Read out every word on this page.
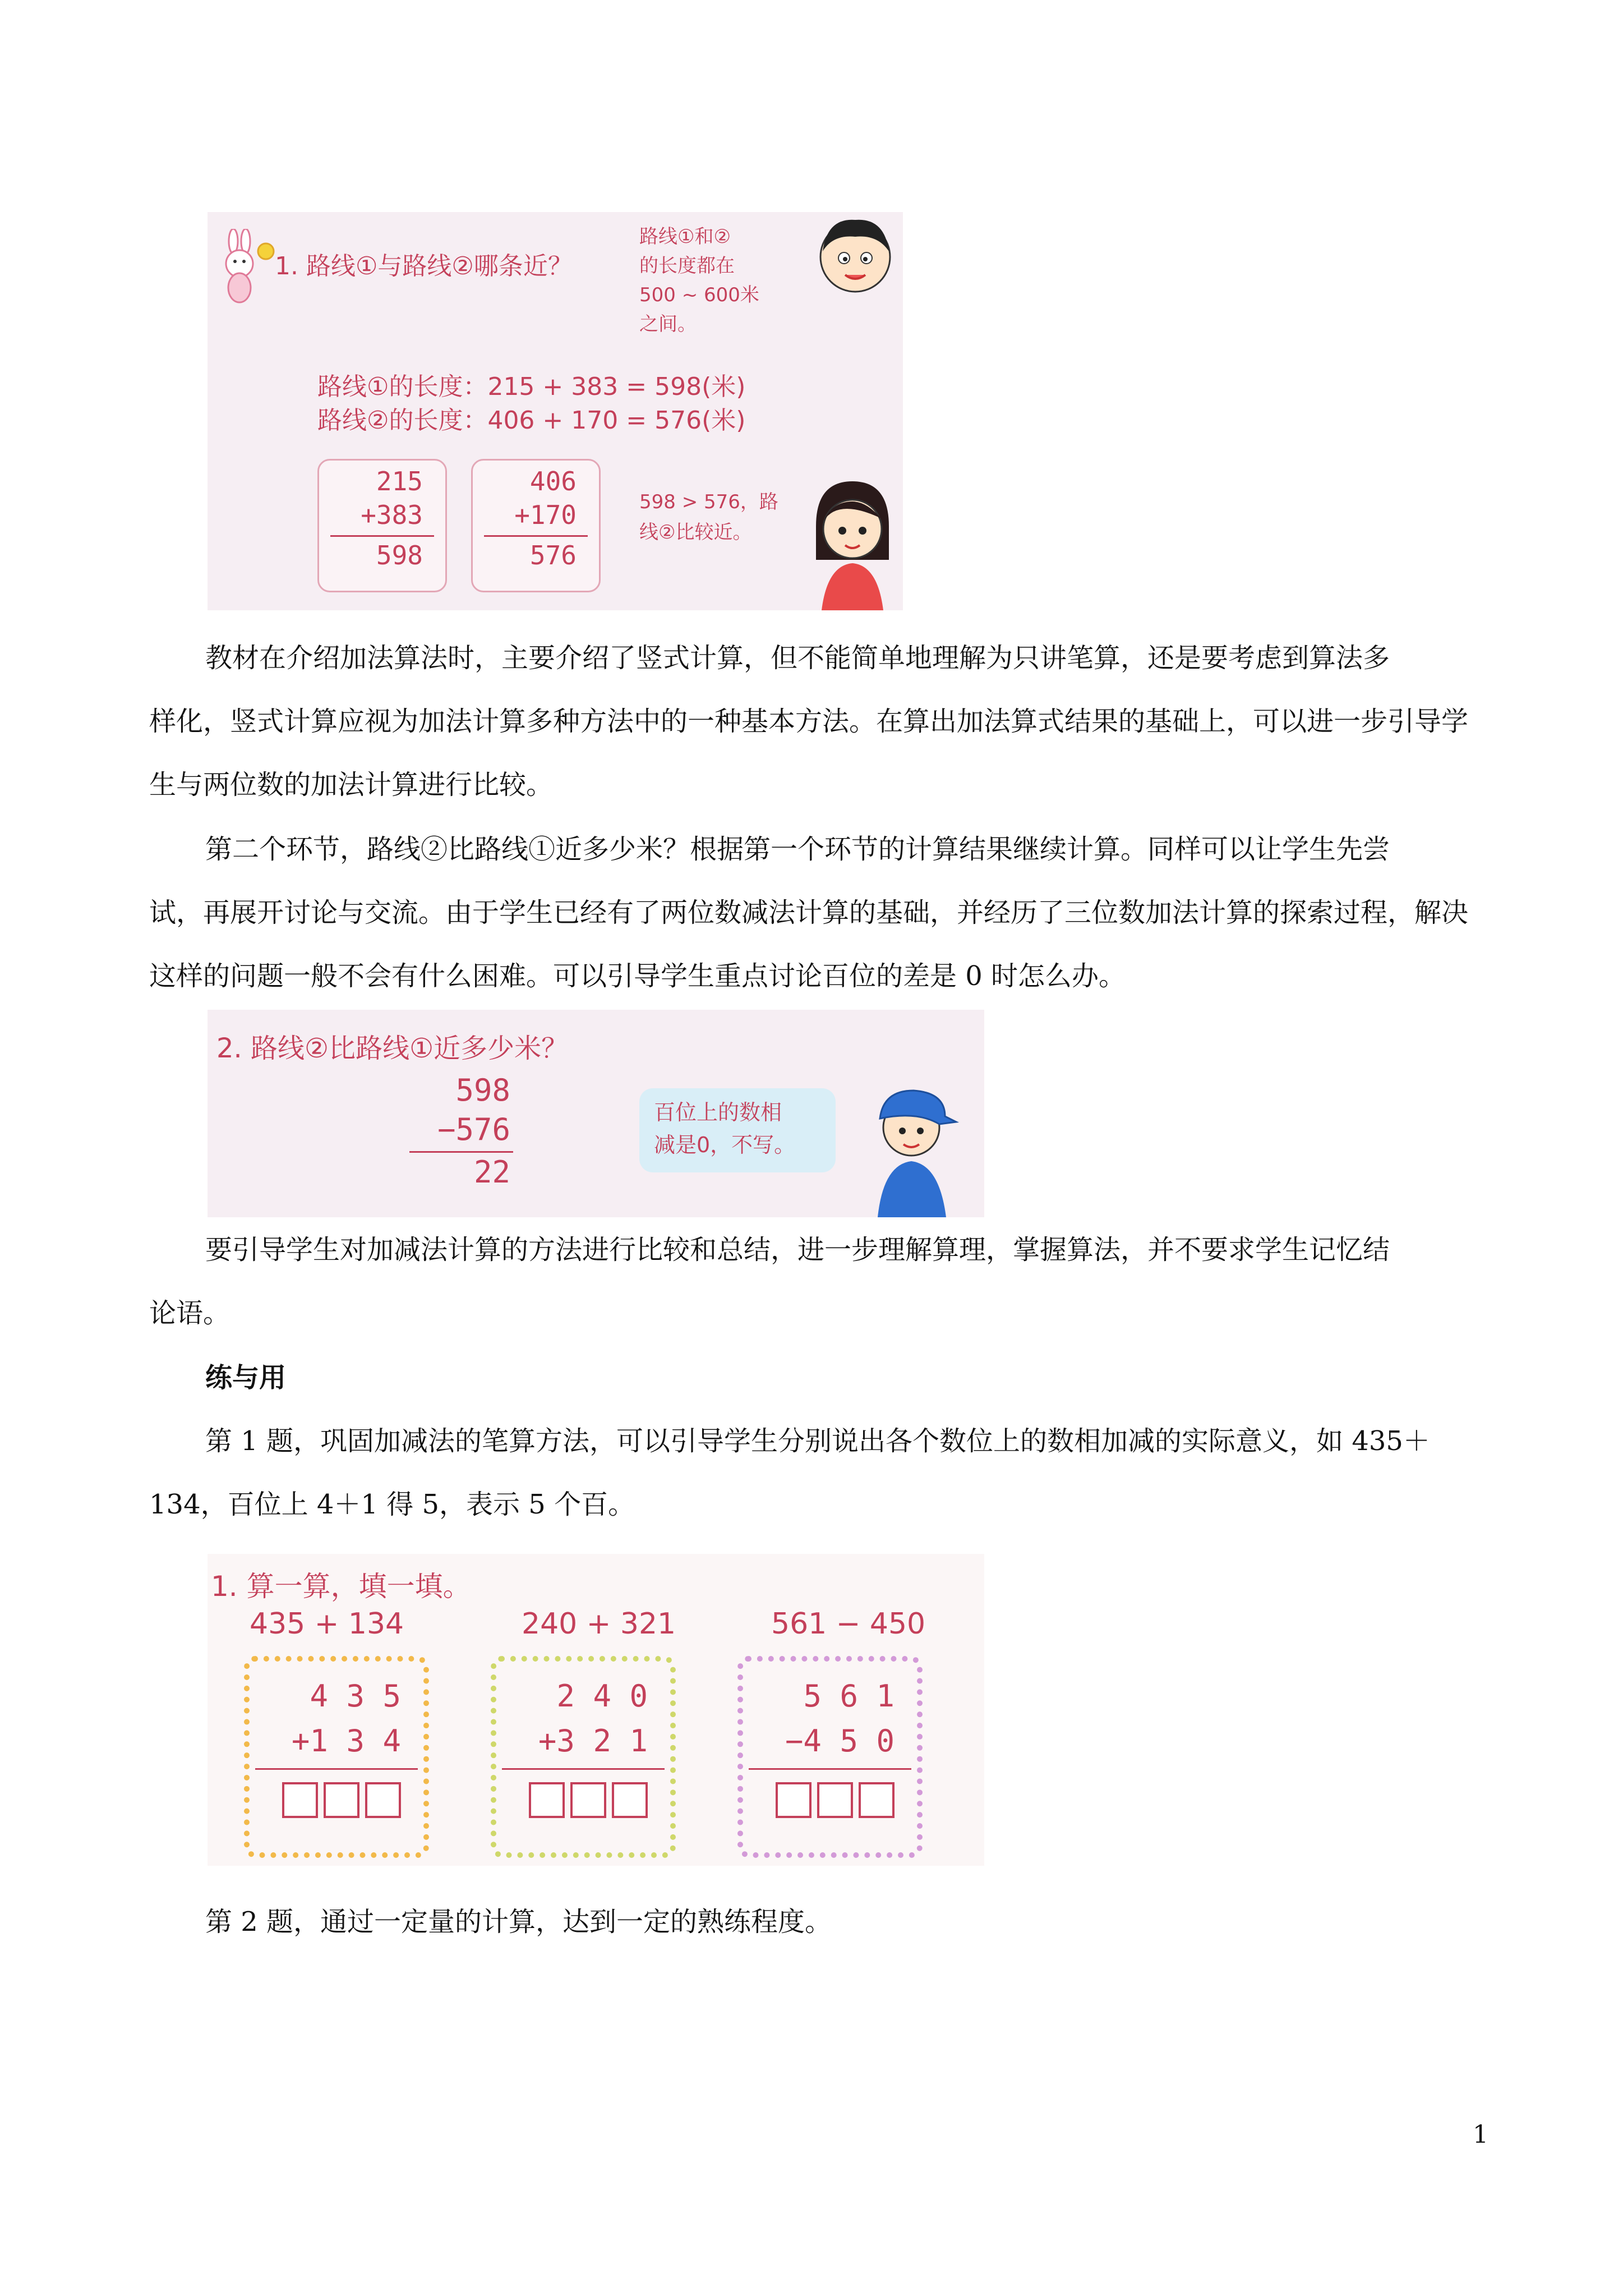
1. 路线①与路线②哪条近？
路线①和②
的长度都在
500 ~ 600米
之间。
路线①的长度：215 + 383 = 598(米)
路线②的长度：406 + 170 = 576(米)
215
+383
598
406
+170
576
598 > 576，路
线②比较近。

教材在介绍加法算法时，主要介绍了竖式计算，但不能简单地理解为只讲笔算，还是要考虑到算法多
样化，竖式计算应视为加法计算多种方法中的一种基本方法。在算出加法算式结果的基础上，可以进一步引导学生与两位数的加法计算进行比较。

第二个环节，路线②比路线①近多少米？根据第一个环节的计算结果继续计算。同样可以让学生先尝
试，再展开讨论与交流。由于学生已经有了两位数减法计算的基础，并经历了三位数加法计算的探索过程，解决这样的问题一般不会有什么困难。可以引导学生重点讨论百位的差是 0 时怎么办。

2. 路线②比路线①近多少米？
598
−576
22
百位上的数相
减是0，不写。

要引导学生对加减法计算的方法进行比较和总结，进一步理解算理，掌握算法，并不要求学生记忆结
论语。

练与用

第 1 题，巩固加减法的笔算方法，可以引导学生分别说出各个数位上的数相加减的实际意义，如 435＋
134，百位上 4＋1 得 5，表示 5 个百。

1. 算一算，填一填。
435 + 134
4 3 5
+1 3 4
240 + 321
2 4 0
+3 2 1
561 − 450
5 6 1
−4 5 0

第 2 题，通过一定量的计算，达到一定的熟练程度。

1
